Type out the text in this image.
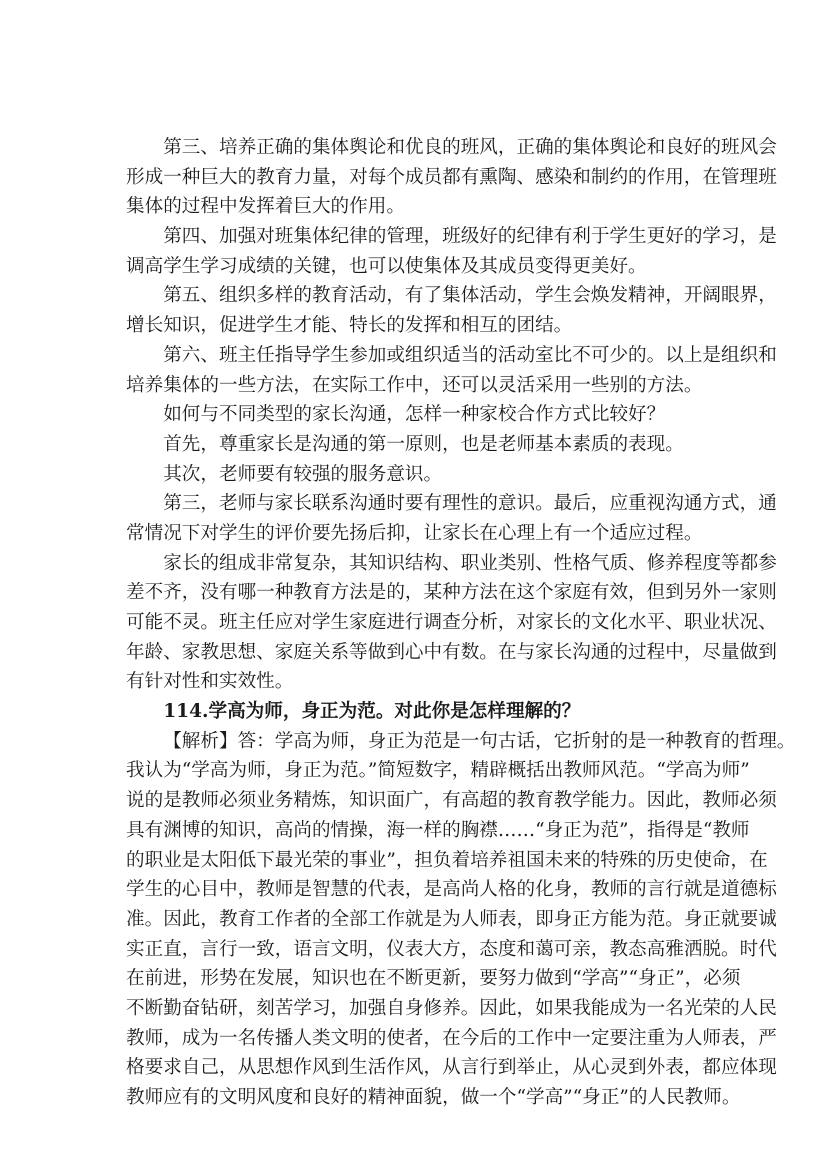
第三、培养正确的集体舆论和优良的班风，正确的集体舆论和良好的班风会
形成一种巨大的教育力量，对每个成员都有熏陶、感染和制约的作用，在管理班
集体的过程中发挥着巨大的作用。
第四、加强对班集体纪律的管理，班级好的纪律有利于学生更好的学习，是
调高学生学习成绩的关键，也可以使集体及其成员变得更美好。
第五、组织多样的教育活动，有了集体活动，学生会焕发精神，开阔眼界，
增长知识，促进学生才能、特长的发挥和相互的团结。
第六、班主任指导学生参加或组织适当的活动室比不可少的。以上是组织和
培养集体的一些方法，在实际工作中，还可以灵活采用一些别的方法。
如何与不同类型的家长沟通，怎样一种家校合作方式比较好？
首先，尊重家长是沟通的第一原则，也是老师基本素质的表现。
其次，老师要有较强的服务意识。
第三，老师与家长联系沟通时要有理性的意识。最后，应重视沟通方式，通
常情况下对学生的评价要先扬后抑，让家长在心理上有一个适应过程。
家长的组成非常复杂，其知识结构、职业类别、性格气质、修养程度等都参
差不齐，没有哪一种教育方法是的，某种方法在这个家庭有效，但到另外一家则
可能不灵。班主任应对学生家庭进行调查分析，对家长的文化水平、职业状况、
年龄、家教思想、家庭关系等做到心中有数。在与家长沟通的过程中，尽量做到
有针对性和实效性。
114.学高为师，身正为范。对此你是怎样理解的？
【解析】答：学高为师，身正为范是一句古话，它折射的是一种教育的哲理。
我认为“学高为师，身正为范。”简短数字，精辟概括出教师风范。“学高为师”
说的是教师必须业务精炼，知识面广，有高超的教育教学能力。因此，教师必须
具有渊博的知识，高尚的情操，海一样的胸襟……“身正为范”，指得是“教师
的职业是太阳低下最光荣的事业”，担负着培养祖国未来的特殊的历史使命，在
学生的心目中，教师是智慧的代表，是高尚人格的化身，教师的言行就是道德标
准。因此，教育工作者的全部工作就是为人师表，即身正方能为范。身正就要诚
实正直，言行一致，语言文明，仪表大方，态度和蔼可亲，教态高雅洒脱。时代
在前进，形势在发展，知识也在不断更新，要努力做到“学高”“身正”，必须
不断勤奋钻研，刻苦学习，加强自身修养。因此，如果我能成为一名光荣的人民
教师，成为一名传播人类文明的使者，在今后的工作中一定要注重为人师表，严
格要求自己，从思想作风到生活作风，从言行到举止，从心灵到外表，都应体现
教师应有的文明风度和良好的精神面貌，做一个“学高”“身正”的人民教师。
